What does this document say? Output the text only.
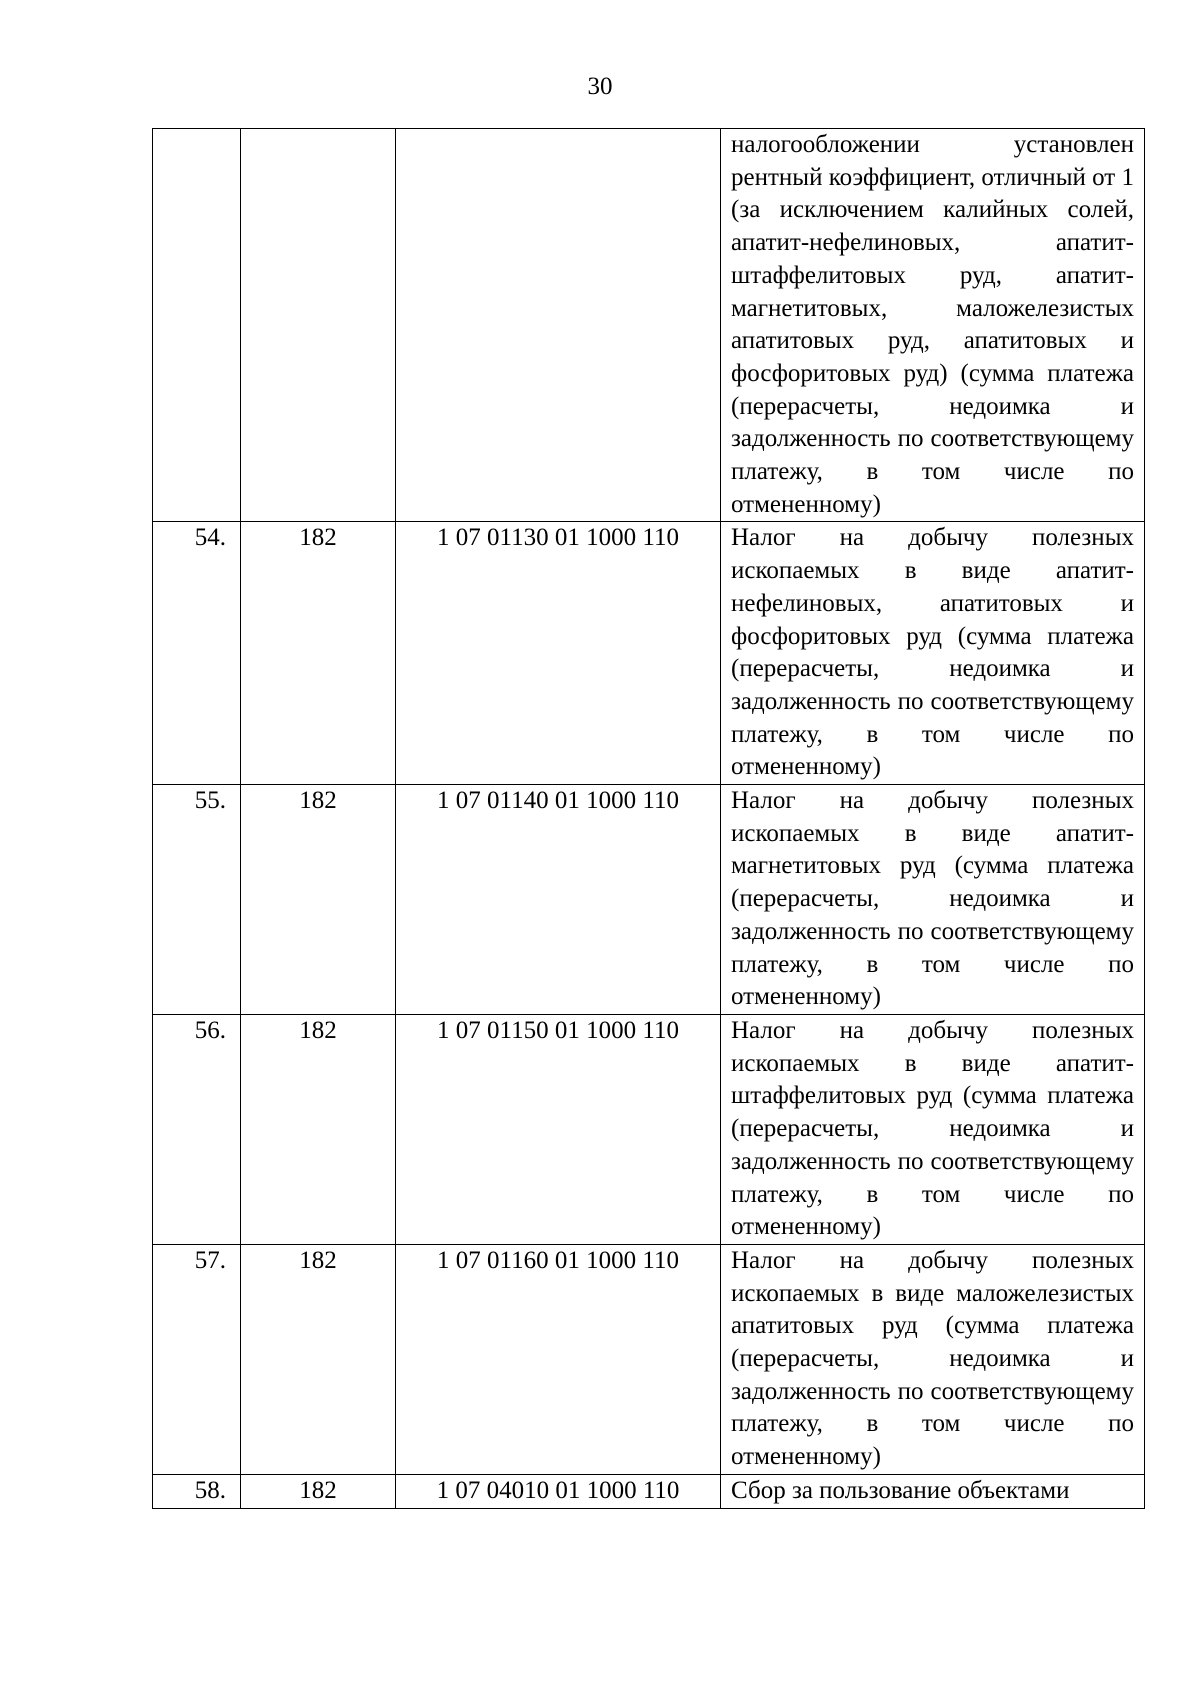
30

			налогообложении установлен рентный коэффициент, отличный от 1 (за исключением калийных солей, апатит-нефелиновых, апатит-штаффелитовых руд, апатит-магнетитовых, маложелезистых апатитовых руд, апатитовых и фосфоритовых руд) (сумма платежа (перерасчеты, недоимка и задолженность по соответствующему платежу, в том числе по отмененному)

54.	182	1 07 01130 01 1000 110	Налог на добычу полезных ископаемых в виде апатит-нефелиновых, апатитовых и фосфоритовых руд (сумма платежа (перерасчеты, недоимка и задолженность по соответствующему платежу, в том числе по отмененному)

55.	182	1 07 01140 01 1000 110	Налог на добычу полезных ископаемых в виде апатит-магнетитовых руд (сумма платежа (перерасчеты, недоимка и задолженность по соответствующему платежу, в том числе по отмененному)

56.	182	1 07 01150 01 1000 110	Налог на добычу полезных ископаемых в виде апатит-штаффелитовых руд (сумма платежа (перерасчеты, недоимка и задолженность по соответствующему платежу, в том числе по отмененному)

57.	182	1 07 01160 01 1000 110	Налог на добычу полезных ископаемых в виде маложелезистых апатитовых руд (сумма платежа (перерасчеты, недоимка и задолженность по соответствующему платежу, в том числе по отмененному)

58.	182	1 07 04010 01 1000 110	Сбор за пользование объектами
